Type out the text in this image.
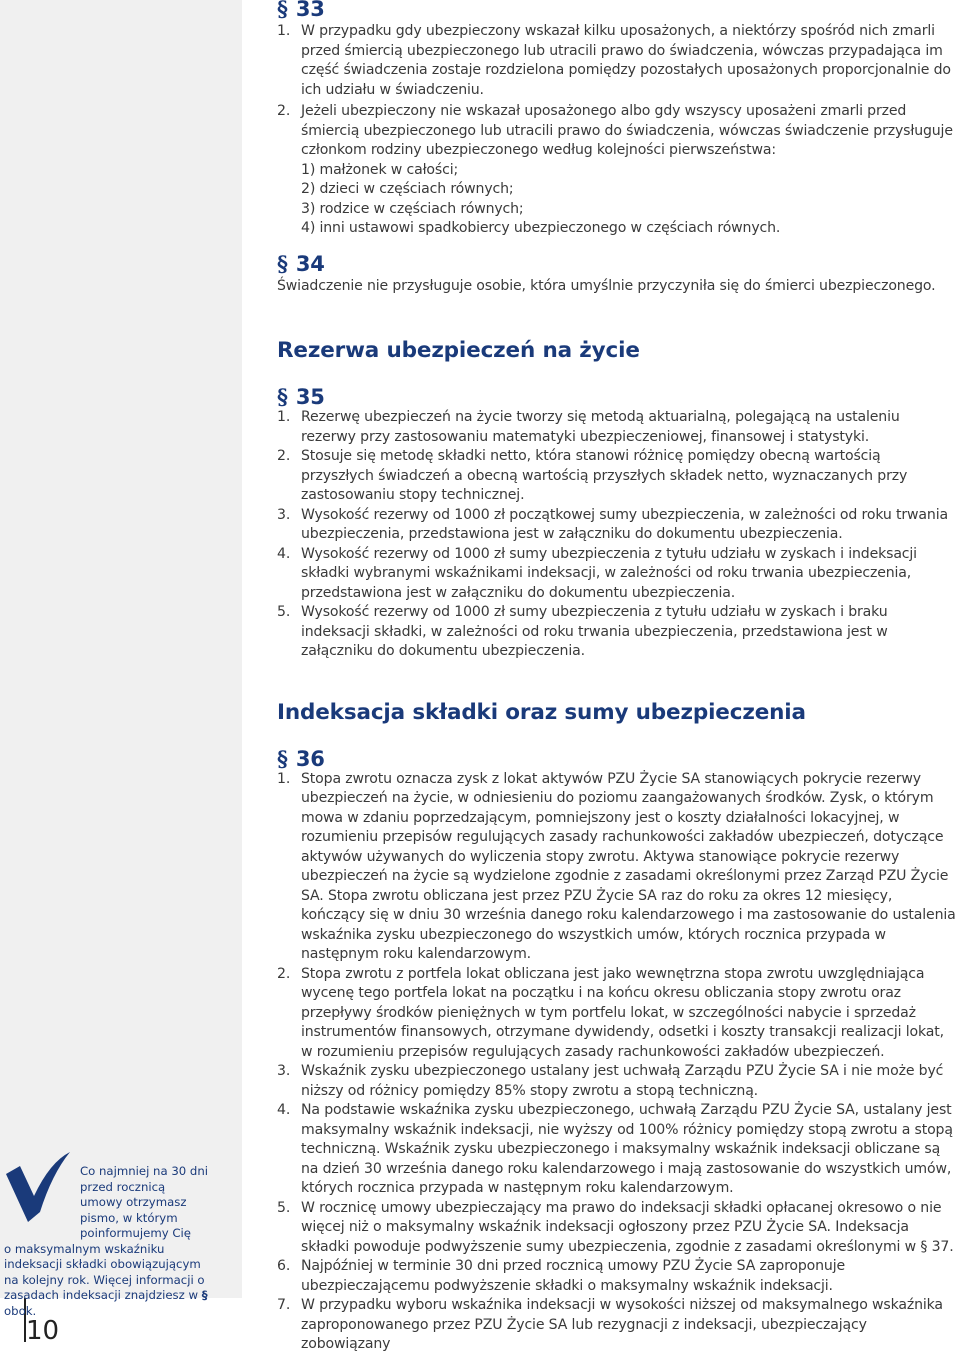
10

Co najmniej na 30 dni przed rocznicą umowy otrzymasz pismo, w którym poinformujemy Cię
o maksymalnym wskaźniku indeksacji składki obowiązującym na kolejny rok. Więcej informacji o zasadach indeksacji znajdziesz w § obok.

§ 33
1. W przypadku gdy ubezpieczony wskazał kilku uposażonych, a niektórzy spośród nich zmarli przed śmiercią ubezpieczonego lub utracili prawo do świadczenia, wówczas przypadająca im część świadczenia zostaje rozdzielona pomiędzy pozostałych uposażonych proporcjonalnie do ich udziału w świadczeniu.
2. Jeżeli ubezpieczony nie wskazał uposażonego albo gdy wszyscy uposażeni zmarli przed śmiercią ubezpieczonego lub utracili prawo do świadczenia, wówczas świadczenie przysługuje członkom rodziny ubezpieczonego według kolejności pierwszeństwa:
1) małżonek w całości;
2) dzieci w częściach równych;
3) rodzice w częściach równych;
4) inni ustawowi spadkobiercy ubezpieczonego w częściach równych.
§ 34
Świadczenie nie przysługuje osobie, która umyślnie przyczyniła się do śmierci ubezpieczonego.
Rezerwa ubezpieczeń na życie
§ 35
1. Rezerwę ubezpieczeń na życie tworzy się metodą aktuarialną, polegającą na ustaleniu rezerwy przy zastosowaniu matematyki ubezpieczeniowej, finansowej i statystyki.
2. Stosuje się metodę składki netto, która stanowi różnicę pomiędzy obecną wartością przyszłych świadczeń a obecną wartością przyszłych składek netto, wyznaczanych przy zastosowaniu stopy technicznej.
3. Wysokość rezerwy od 1000 zł początkowej sumy ubezpieczenia, w zależności od roku trwania ubezpieczenia, przedstawiona jest w załączniku do dokumentu ubezpieczenia.
4. Wysokość rezerwy od 1000 zł sumy ubezpieczenia z tytułu udziału w zyskach i indeksacji składki wybranymi wskaźnikami indeksacji, w zależności od roku trwania ubezpieczenia, przedstawiona jest w załączniku do dokumentu ubezpieczenia.
5. Wysokość rezerwy od 1000 zł sumy ubezpieczenia z tytułu udziału w zyskach i braku indeksacji składki, w zależności od roku trwania ubezpieczenia, przedstawiona jest w załączniku do dokumentu ubezpieczenia.
Indeksacja składki oraz sumy ubezpieczenia
§ 36
1. Stopa zwrotu oznacza zysk z lokat aktywów PZU Życie SA stanowiących pokrycie rezerwy ubezpieczeń na życie, w odniesieniu do poziomu zaangażowanych środków. Zysk, o którym mowa w zdaniu poprzedzającym, pomniejszony jest o koszty działalności lokacyjnej, w rozumieniu przepisów regulujących zasady rachunkowości zakładów ubezpieczeń, dotyczące aktywów używanych do wyliczenia stopy zwrotu. Aktywa stanowiące pokrycie rezerwy ubezpieczeń na życie są wydzielone zgodnie z zasadami określonymi przez Zarząd PZU Życie SA. Stopa zwrotu obliczana jest przez PZU Życie SA raz do roku za okres 12 miesięcy, kończący się w dniu 30 września danego roku kalendarzowego i ma zastosowanie do ustalenia wskaźnika zysku ubezpieczonego do wszystkich umów, których rocznica przypada w następnym roku kalendarzowym.
2. Stopa zwrotu z portfela lokat obliczana jest jako wewnętrzna stopa zwrotu uwzględniająca wycenę tego portfela lokat na początku i na końcu okresu obliczania stopy zwrotu oraz przepływy środków pieniężnych w tym portfelu lokat, w szczególności nabycie i sprzedaż instrumentów finansowych, otrzymane dywidendy, odsetki i koszty transakcji realizacji lokat, w rozumieniu przepisów regulujących zasady rachunkowości zakładów ubezpieczeń.
3. Wskaźnik zysku ubezpieczonego ustalany jest uchwałą Zarządu PZU Życie SA i nie może być niższy od różnicy pomiędzy 85% stopy zwrotu a stopą techniczną.
4. Na podstawie wskaźnika zysku ubezpieczonego, uchwałą Zarządu PZU Życie SA, ustalany jest maksymalny wskaźnik indeksacji, nie wyższy od 100% różnicy pomiędzy stopą zwrotu a stopą techniczną. Wskaźnik zysku ubezpieczonego i maksymalny wskaźnik indeksacji obliczane są na dzień 30 września danego roku kalendarzowego i mają zastosowanie do wszystkich umów, których rocznica przypada w następnym roku kalendarzowym.
5. W rocznicę umowy ubezpieczający ma prawo do indeksacji składki opłacanej okresowo o nie więcej niż o maksymalny wskaźnik indeksacji ogłoszony przez PZU Życie SA. Indeksacja składki powoduje podwyższenie sumy ubezpieczenia, zgodnie z zasadami określonymi w § 37.
6. Najpóźniej w terminie 30 dni przed rocznicą umowy PZU Życie SA zaproponuje ubezpieczającemu podwyższenie składki o maksymalny wskaźnik indeksacji.
7. W przypadku wyboru wskaźnika indeksacji w wysokości niższej od maksymalnego wskaźnika zaproponowanego przez PZU Życie SA lub rezygnacji z indeksacji, ubezpieczający zobowiązany
